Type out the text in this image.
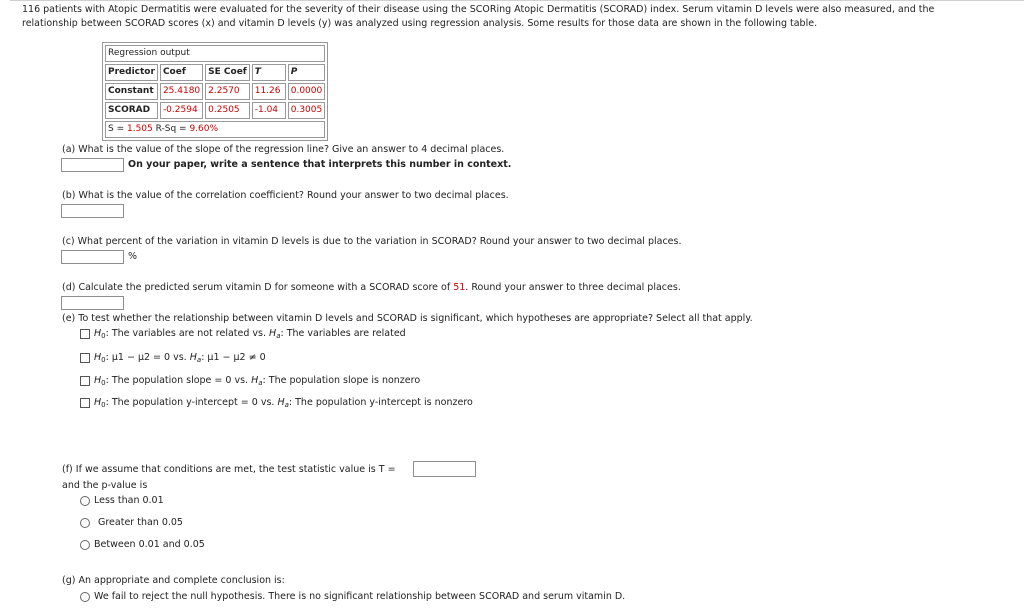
116 patients with Atopic Dermatitis were evaluated for the severity of their disease using the SCORing Atopic Dermatitis (SCORAD) index. Serum vitamin D levels were also measured, and the
relationship between SCORAD scores (x) and vitamin D levels (y) was analyzed using regression analysis. Some results for those data are shown in the following table.
Regression output				
Predictor	Coef	SE Coef	T	P
Constant	25.4180	2.2570	11.26	0.0000
SCORAD	-0.2594	0.2505	-1.04	0.3005
S = 1.505 R-Sq = 9.60%				
(a) What is the value of the slope of the regression line? Give an answer to 4 decimal places.
On your paper, write a sentence that interprets this number in context.
(b) What is the value of the correlation coefficient? Round your answer to two decimal places.
(c) What percent of the variation in vitamin D levels is due to the variation in SCORAD? Round your answer to two decimal places.
%
(d) Calculate the predicted serum vitamin D for someone with a SCORAD score of 51. Round your answer to three decimal places.
(e) To test whether the relationship between vitamin D levels and SCORAD is significant, which hypotheses are appropriate? Select all that apply.
$H_0$: The variables are not related vs. $H_a$: The variables are related
$H_0$: μ1 − μ2 = 0 vs. $H_a$: μ1 − μ2 ≠ 0
$H_0$: The population slope = 0 vs. $H_a$: The population slope is nonzero
$H_0$: The population y-intercept = 0 vs. $H_a$: The population y-intercept is nonzero
(f) If we assume that conditions are met, the test statistic value is T =
and the p-value is
Less than 0.01
Greater than 0.05
Between 0.01 and 0.05
(g) An appropriate and complete conclusion is:
We fail to reject the null hypothesis. There is no significant relationship between SCORAD and serum vitamin D.
